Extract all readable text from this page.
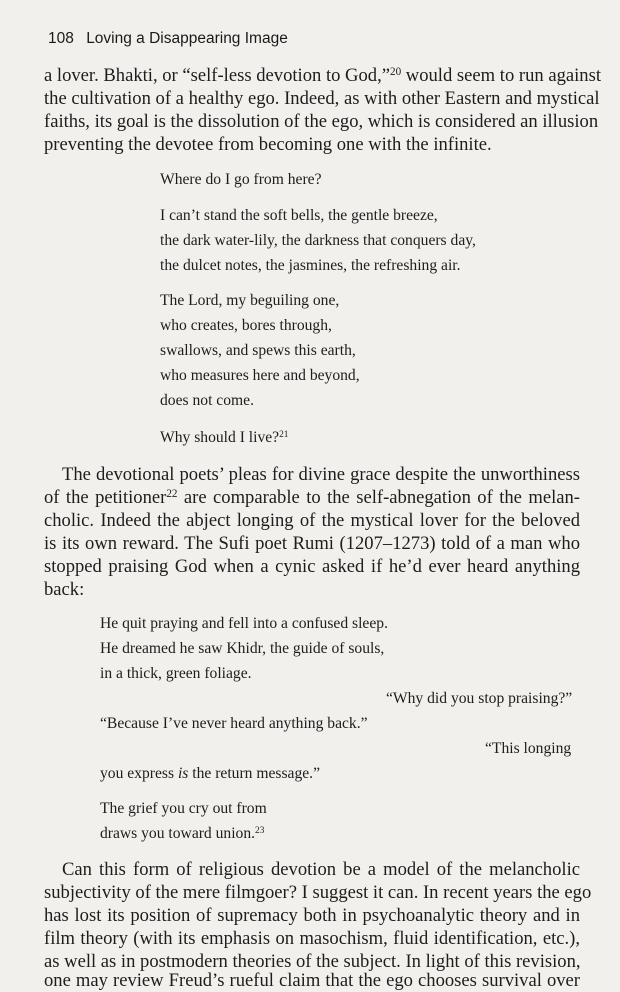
108 Loving a Disappearing Image

a lover. Bhakti, or “self-less devotion to God,”$^{20}$ would seem to run against

the cultivation of a healthy ego. Indeed, as with other Eastern and mystical

faiths, its goal is the dissolution of the ego, which is considered an illusion

preventing the devotee from becoming one with the infinite.

Where do I go from here?

I can’t stand the soft bells, the gentle breeze,

the dark water-lily, the darkness that conquers day,

the dulcet notes, the jasmines, the refreshing air.

The Lord, my beguiling one,

who creates, bores through,

swallows, and spews this earth,

who measures here and beyond,

does not come.

Why should I live?$^{21}$

The devotional poets’ pleas for divine grace despite the unworthiness

of the petitioner$^{22}$ are comparable to the self-abnegation of the melan-

cholic. Indeed the abject longing of the mystical lover for the beloved

is its own reward. The Sufi poet Rumi (1207–1273) told of a man who

stopped praising God when a cynic asked if he’d ever heard anything

back:

He quit praying and fell into a confused sleep.

He dreamed he saw Khidr, the guide of souls,

in a thick, green foliage.

“Why did you stop praising?”

“Because I’ve never heard anything back.”

“This longing

you express is the return message.”

The grief you cry out from

draws you toward union.$^{23}$

Can this form of religious devotion be a model of the melancholic

subjectivity of the mere filmgoer? I suggest it can. In recent years the ego

has lost its position of supremacy both in psychoanalytic theory and in

film theory (with its emphasis on masochism, fluid identification, etc.),

as well as in postmodern theories of the subject. In light of this revision,

one may review Freud’s rueful claim that the ego chooses survival over
